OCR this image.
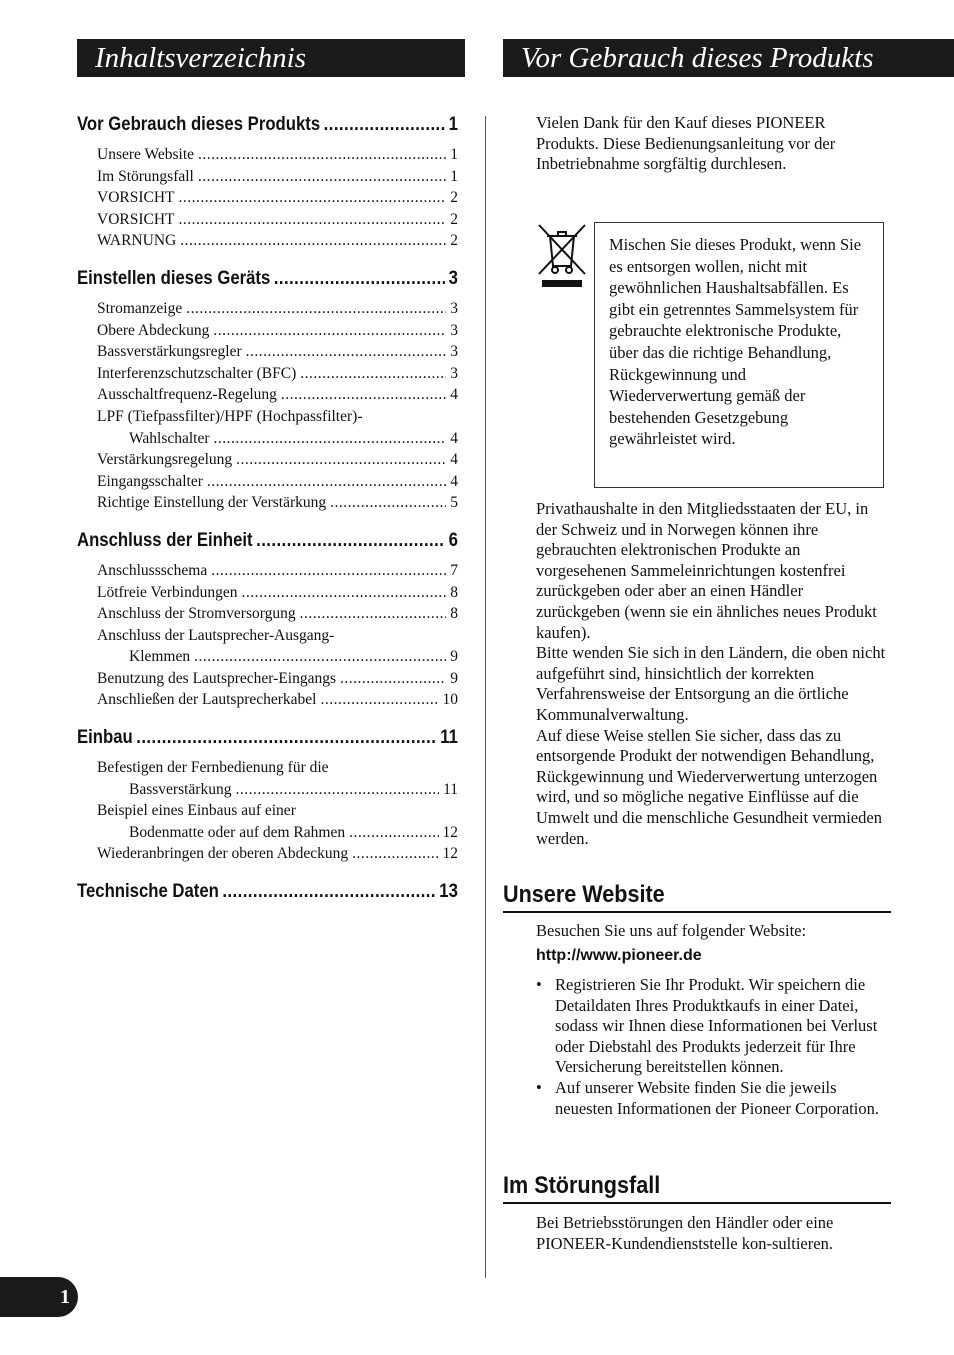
Inhaltsverzeichnis	Vor Gebrauch dieses Produkts
Vor Gebrauch dieses Produkts .....	1
Unsere Website .....	1
Im Störungsfall .....	1
VORSICHT .....	2
VORSICHT .....	2
WARNUNG .....	2
Einstellen dieses Geräts .....	3
Stromanzeige .....	3
Obere Abdeckung .....	3
Bassverstärkungsregler .....	3
Interferenzschutzschalter (BFC) .....	3
Ausschaltfrequenz-Regelung .....	4
LPF (Tiefpassfilter)/HPF (Hochpassfilter)-
Wahlschalter .....	4
Verstärkungsregelung .....	4
Eingangsschalter .....	4
Richtige Einstellung der Verstärkung .....	5
Anschluss der Einheit .....	6
Anschlussschema .....	7
Lötfreie Verbindungen .....	8
Anschluss der Stromversorgung .....	8
Anschluss der Lautsprecher-Ausgang-
Klemmen .....	9
Benutzung des Lautsprecher-Eingangs .....	9
Anschließen der Lautsprecherkabel .....	10
Einbau .....	11
Befestigen der Fernbedienung für die
Bassverstärkung .....	11
Beispiel eines Einbaus auf einer
Bodenmatte oder auf dem Rahmen .....	12
Wiederanbringen der oberen Abdeckung .....	12
Technische Daten .....	13
Vielen Dank für den Kauf dieses PIONEER Produkts. Diese Bedienungsanleitung vor der Inbetriebnahme sorgfältig durchlesen.
Mischen Sie dieses Produkt, wenn Sie es entsorgen wollen, nicht mit gewöhnlichen Haushaltsabfällen. Es gibt ein getrenntes Sammelsystem für gebrauchte elektronische Produkte, über das die richtige Behandlung, Rückgewinnung und Wiederverwertung gemäß der bestehenden Gesetzgebung gewährleistet wird.
Privathaushalte in den Mitgliedsstaaten der EU, in der Schweiz und in Norwegen können ihre gebrauchten elektronischen Produkte an vorgesehenen Sammeleinrichtungen kostenfrei zurückgeben oder aber an einen Händler zurückgeben (wenn sie ein ähnliches neues Produkt kaufen).
Bitte wenden Sie sich in den Ländern, die oben nicht aufgeführt sind, hinsichtlich der korrekten Verfahrensweise der Entsorgung an die örtliche Kommunalverwaltung.
Auf diese Weise stellen Sie sicher, dass das zu entsorgende Produkt der notwendigen Behandlung, Rückgewinnung und Wiederverwertung unterzogen wird, und so mögliche negative Einflüsse auf die Umwelt und die menschliche Gesundheit vermieden werden.
Unsere Website
Besuchen Sie uns auf folgender Website:
http://www.pioneer.de
• Registrieren Sie Ihr Produkt. Wir speichern die Detaildaten Ihres Produktkaufs in einer Datei, sodass wir Ihnen diese Informationen bei Verlust oder Diebstahl des Produkts jederzeit für Ihre Versicherung bereitstellen können.
• Auf unserer Website finden Sie die jeweils neuesten Informationen der Pioneer Corporation.
Im Störungsfall
Bei Betriebsstörungen den Händler oder eine PIONEER-Kundendienststelle kon-sultieren.
1
